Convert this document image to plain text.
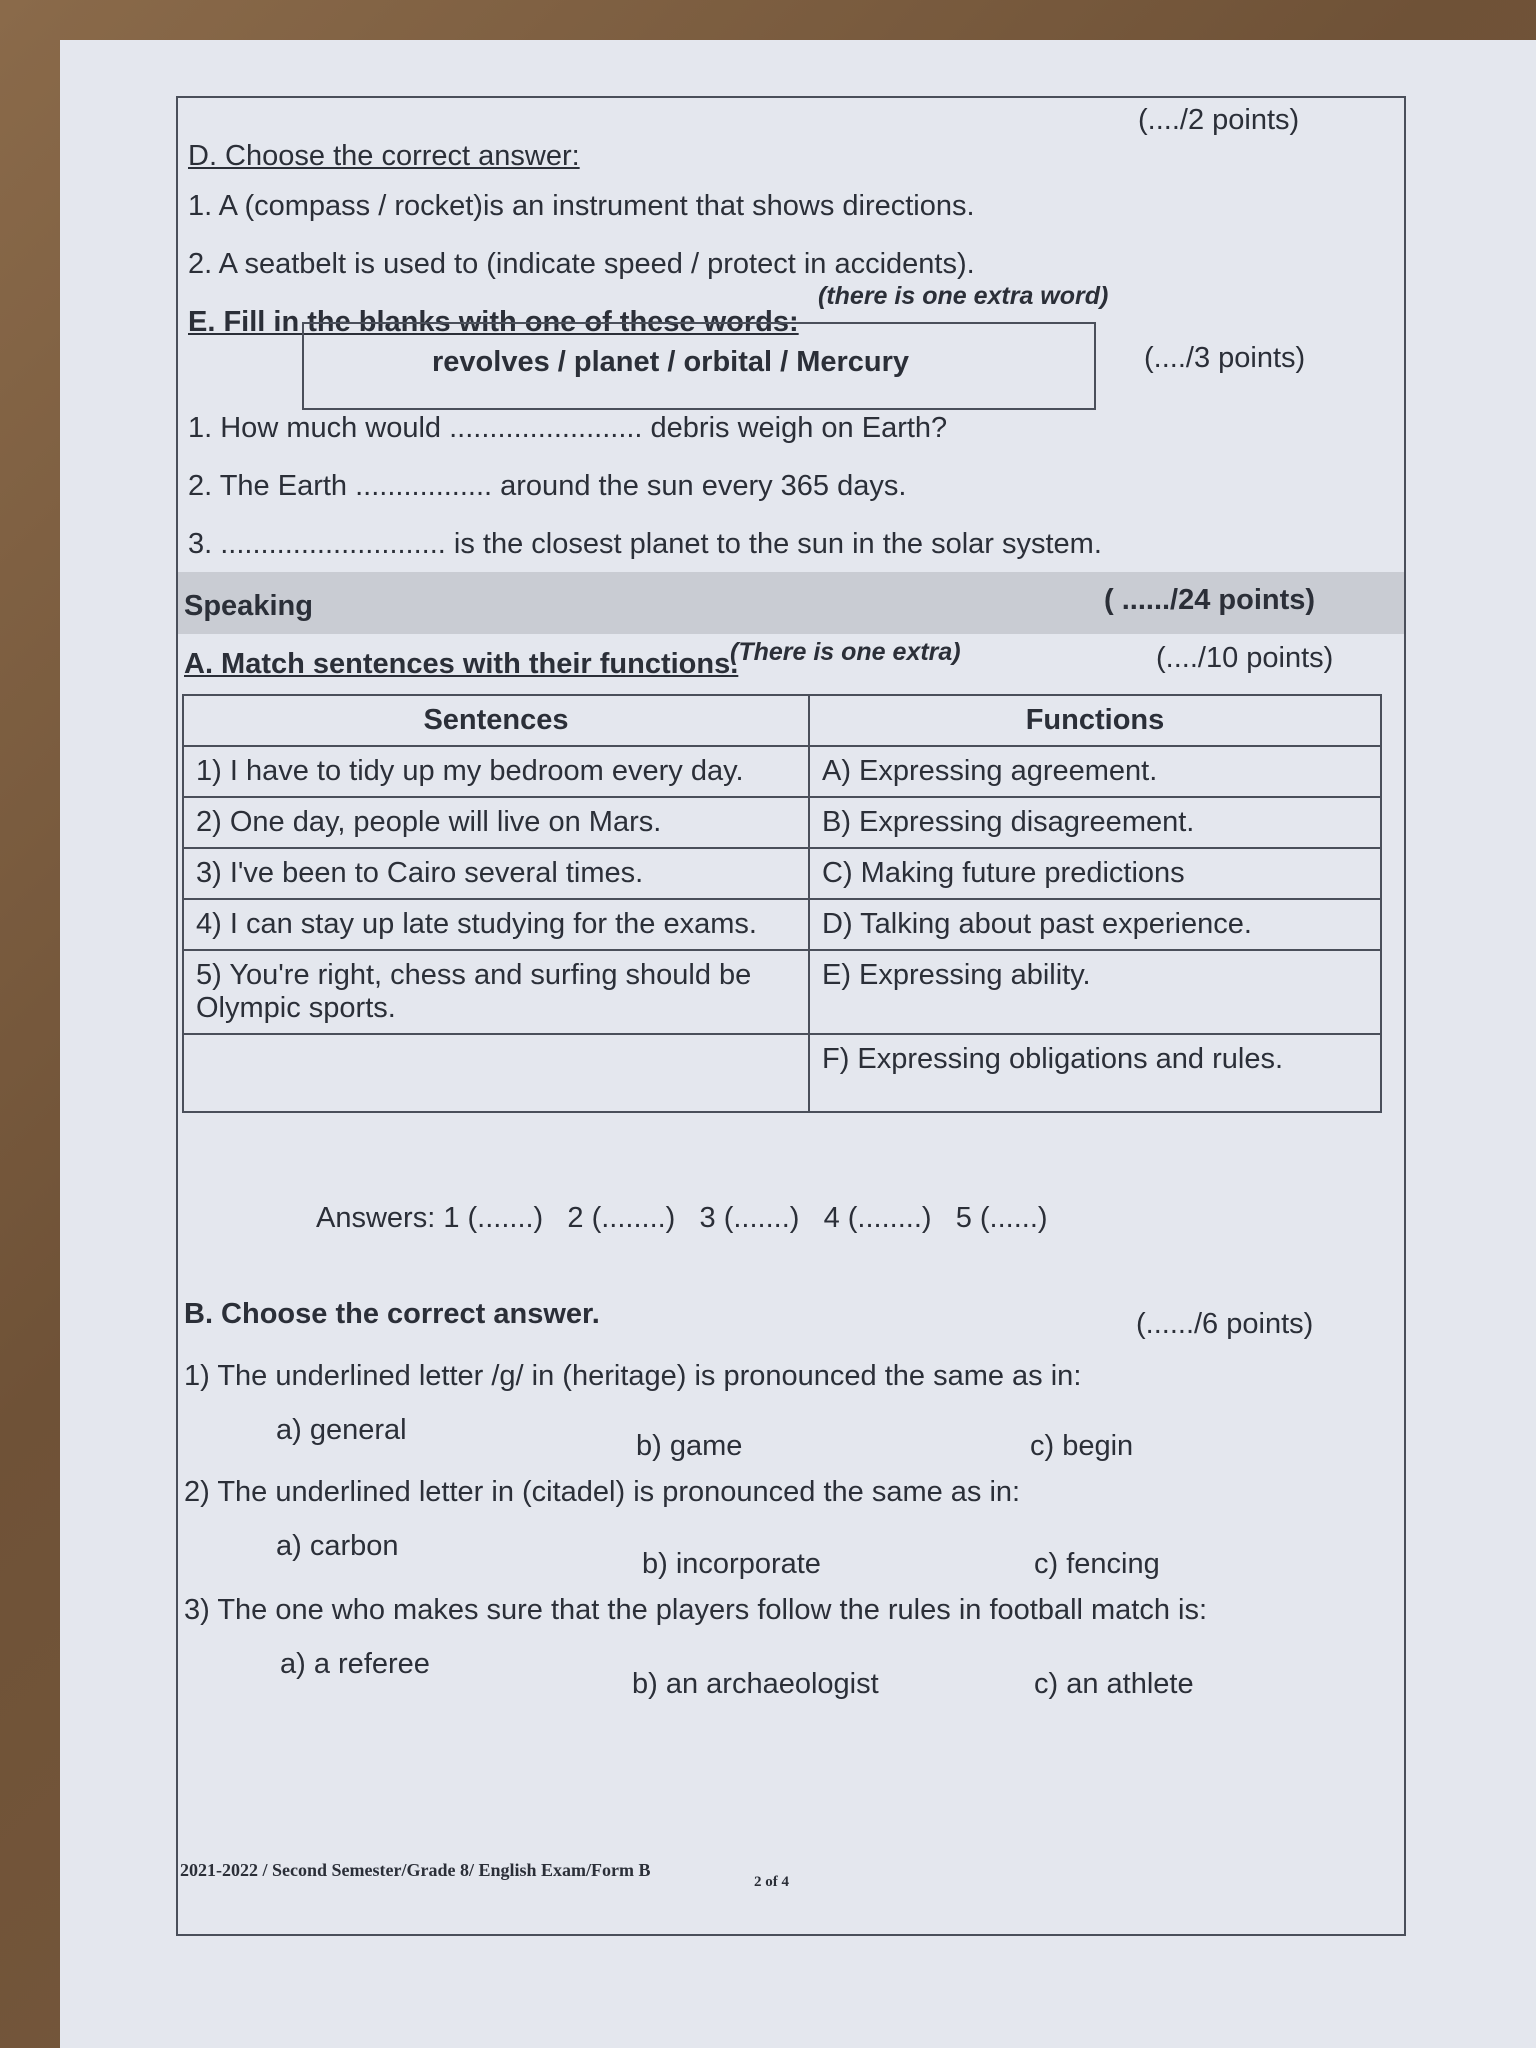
D. Choose the correct answer:
(..../2 points)
1. A (compass / rocket)is an instrument that shows directions.
2. A seatbelt is used to (indicate speed / protect in accidents).
E. Fill in the blanks with one of these words:
(there is one extra word)
revolves / planet / orbital / Mercury	(..../3 points)
1. How much would ........................ debris weigh on Earth?
2. The Earth ................. around the sun every 365 days.
3. ............................ is the closest planet to the sun in the solar system.
Speaking	( ....../24 points)
A. Match sentences with their functions.
(There is one extra)	(..../10 points)
Sentences	Functions
1) I have to tidy up my bedroom every day.	A) Expressing agreement.
2) One day, people will live on Mars.	B) Expressing disagreement.
3) I've been to Cairo several times.	C) Making future predictions
4) I can stay up late studying for the exams.	D) Talking about past experience.
5) You're right, chess and surfing should be Olympic sports.	E) Expressing ability.
	F) Expressing obligations and rules.
Answers: 1 (.......)   2 (........)   3 (.......)   4 (........)   5 (......)
B. Choose the correct answer.	(....../6 points)
1) The underlined letter /g/ in (heritage) is pronounced the same as in:
a) general	b) game	c) begin
2) The underlined letter in (citadel) is pronounced the same as in:
a) carbon
b) incorporate	c) fencing
3) The one who makes sure that the players follow the rules in football match is:
a) a referee
b) an archaeologist	c) an athlete
2021-2022 / Second Semester/Grade 8/ English Exam/Form B
2 of 4
